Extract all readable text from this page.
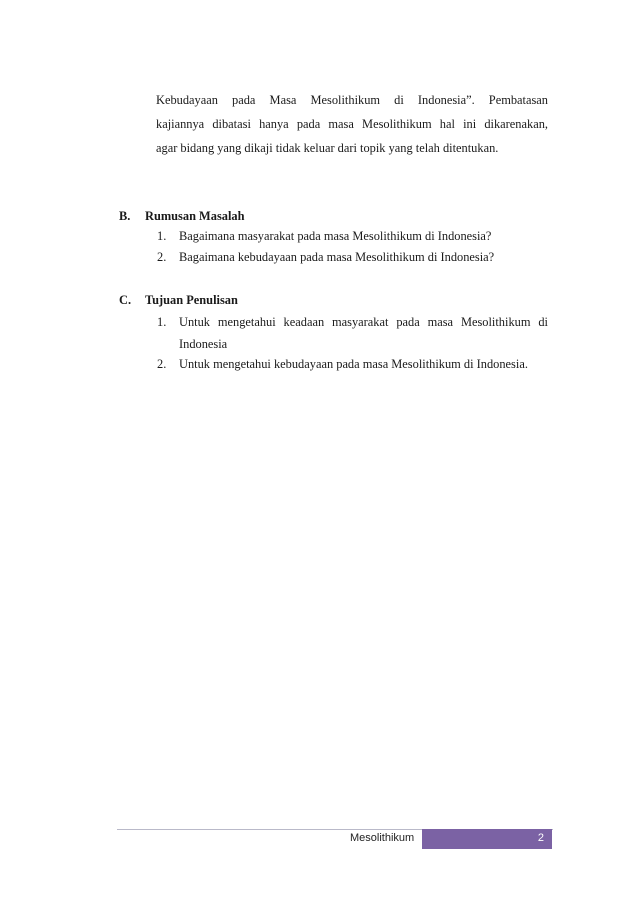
Kebudayaan pada Masa Mesolithikum di Indonesia”. Pembatasan
kajiannya dibatasi hanya pada masa Mesolithikum hal ini dikarenakan,
agar bidang yang dikaji tidak keluar dari topik yang telah ditentukan.
B. Rumusan Masalah
1. Bagaimana masyarakat pada masa Mesolithikum di Indonesia?
2. Bagaimana kebudayaan pada masa Mesolithikum di Indonesia?
C. Tujuan Penulisan
1. Untuk mengetahui keadaan masyarakat pada masa Mesolithikum di
Indonesia
2. Untuk mengetahui kebudayaan pada masa Mesolithikum di Indonesia.
Mesolithikum	2
